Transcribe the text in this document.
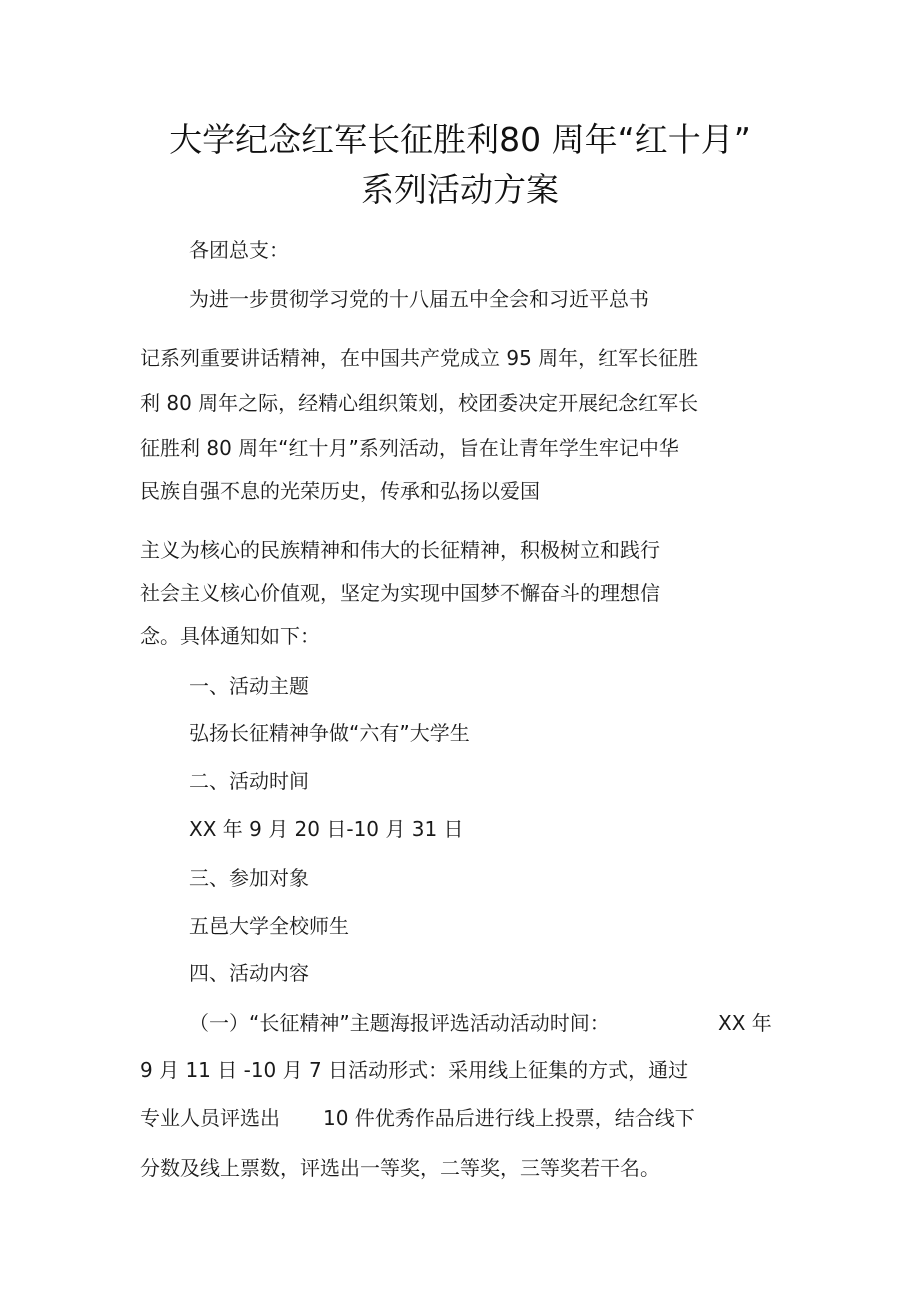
大学纪念红军长征胜利80 周年“红十月”
系列活动方案

各团总支：

为进一步贯彻学习党的十八届五中全会和习近平总书

记系列重要讲话精神，在中国共产党成立 95 周年，红军长征胜

利 80 周年之际，经精心组织策划，校团委决定开展纪念红军长

征胜利 80 周年“红十月”系列活动，旨在让青年学生牢记中华

民族自强不息的光荣历史，传承和弘扬以爱国

主义为核心的民族精神和伟大的长征精神，积极树立和践行

社会主义核心价值观，坚定为实现中国梦不懈奋斗的理想信

念。具体通知如下：

一、活动主题

弘扬长征精神争做“六有”大学生

二、活动时间

XX 年 9 月 20 日-10 月 31 日

三、参加对象

五邑大学全校师生

四、活动内容

（一）“长征精神”主题海报评选活动活动时间：	XX 年

9 月 11 日 -10 月 7 日活动形式：采用线上征集的方式，通过

专业人员评选出 10 件优秀作品后进行线上投票，结合线下

分数及线上票数，评选出一等奖，二等奖，三等奖若干名。
